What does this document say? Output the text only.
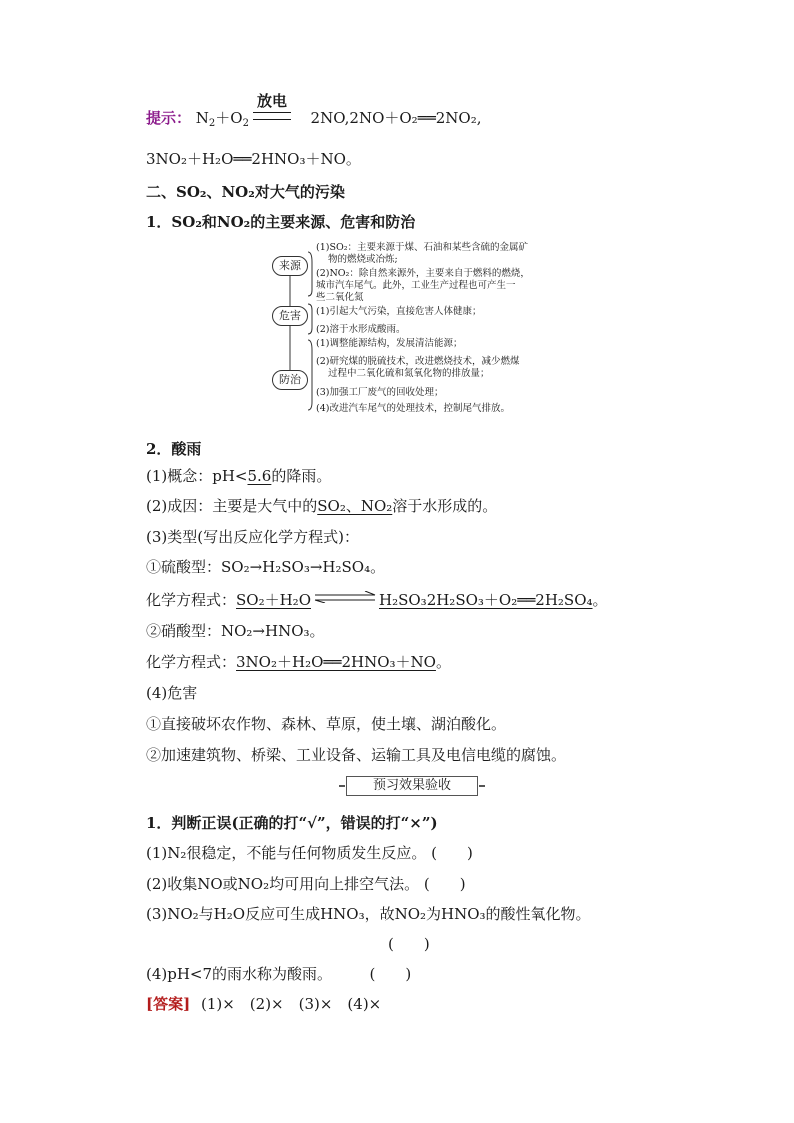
提示： $N_2+O_2$	2NO,2NO＋O₂══2NO₂,
放电
3NO₂＋H₂O══2HNO₃＋NO。
二、SO₂、NO₂对大气的污染
1．SO₂和NO₂的主要来源、危害和防治
来源
危害
防治
(1)SO₂：主要来源于煤、石油和某些含硫的金属矿
物的燃烧或冶炼;
(2)NO₂：除自然来源外，主要来自于燃料的燃烧，
城市汽车尾气。此外，工业生产过程也可产生一
些二氧化氮
(1)引起大气污染，直接危害人体健康；
(2)溶于水形成酸雨。
(1)调整能源结构，发展清洁能源；
(2)研究煤的脱硫技术，改进燃烧技术，减少燃煤
过程中二氧化硫和氮氧化物的排放量；
(3)加强工厂废气的回收处理；
(4)改进汽车尾气的处理技术，控制尾气排放。
2．酸雨
(1)概念：pH<5.6的降雨。
(2)成因：主要是大气中的SO₂、NO₂溶于水形成的。
(3)类型(写出反应化学方程式)：
①硫酸型：SO₂→H₂SO₃→H₂SO₄。
化学方程式：SO₂＋H₂O	H₂SO₃2H₂SO₃＋O₂══2H₂SO₄。
②硝酸型：NO₂→HNO₃。
化学方程式：3NO₂＋H₂O══2HNO₃＋NO。
(4)危害
①直接破坏农作物、森林、草原，使土壤、湖泊酸化。
②加速建筑物、桥梁、工业设备、运输工具及电信电缆的腐蚀。
预习效果验收
1．判断正误(正确的打“√”，错误的打“×”)
(1)N₂很稳定，不能与任何物质发生反应。 (　　)
(2)收集NO或NO₂均可用向上排空气法。 (　　)
(3)NO₂与H₂O反应可生成HNO₃，故NO₂为HNO₃的酸性氧化物。
(　　)
(4)pH<7的雨水称为酸雨。　　　(　　)
[答案] (1)×　(2)×　(3)×　(4)×
